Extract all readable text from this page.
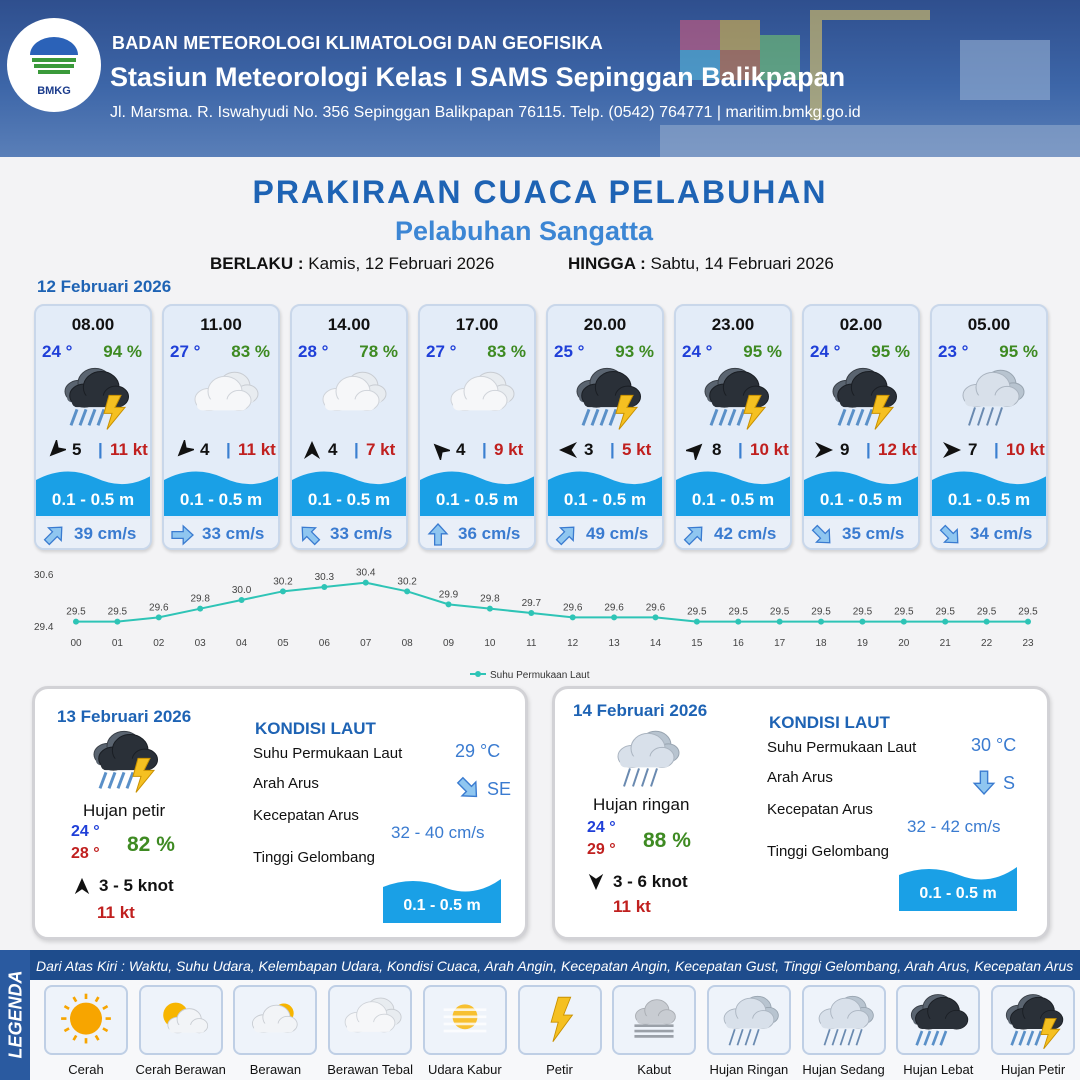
BMKG
BADAN METEOROLOGI KLIMATOLOGI DAN GEOFISIKA
Stasiun Meteorologi Kelas I SAMS Sepinggan Balikpapan
Jl. Marsma. R. Iswahyudi No. 356 Sepinggan Balikpapan 76115. Telp. (0542) 764771 | maritim.bmkg.go.id
PRAKIRAAN CUACA PELABUHAN
Pelabuhan Sangatta
BERLAKU : Kamis, 12 Februari 2026	HINGGA : Sabtu, 14 Februari 2026
12 Februari 2026
08.00
24 ° 94 %
5 | 11 kt
0.1 - 0.5 m
39 cm/s
11.00
27 ° 83 %
4 | 11 kt
0.1 - 0.5 m
33 cm/s
14.00
28 ° 78 %
4 | 7 kt
0.1 - 0.5 m
33 cm/s
17.00
27 ° 83 %
4 | 9 kt
0.1 - 0.5 m
36 cm/s
20.00
25 ° 93 %
3 | 5 kt
0.1 - 0.5 m
49 cm/s
23.00
24 ° 95 %
8 | 10 kt
0.1 - 0.5 m
42 cm/s
02.00
24 ° 95 %
9 | 12 kt
0.1 - 0.5 m
35 cm/s
05.00
23 ° 95 %
7 | 10 kt
0.1 - 0.5 m
34 cm/s
30.6
29.4
29.5
00
29.5
01
29.6
02
29.8
03
30.0
04
30.2
05
30.3
06
30.4
07
30.2
08
29.9
09
29.8
10
29.7
11
29.6
12
29.6
13
29.6
14
29.5
15
29.5
16
29.5
17
29.5
18
29.5
19
29.5
20
29.5
21
29.5
22
29.5
23
Suhu Permukaan Laut
13 Februari 2026
Hujan petir
24 °
28 ° 82 %
3 - 5 knot
11 kt
KONDISI LAUT
Suhu Permukaan Laut	29 °C
Arah Arus	SE
Kecepatan Arus
32 - 40 cm/s
Tinggi Gelombang
0.1 - 0.5 m
14 Februari 2026
Hujan ringan
24 °
29 ° 88 %
3 - 6 knot
11 kt
KONDISI LAUT
Suhu Permukaan Laut	30 °C
Arah Arus	S
Kecepatan Arus
32 - 42 cm/s
Tinggi Gelombang
0.1 - 0.5 m
LEGENDA
Dari Atas Kiri : Waktu, Suhu Udara, Kelembapan Udara, Kondisi Cuaca, Arah Angin, Kecepatan Angin, Kecepatan Gust, Tinggi Gelombang, Arah Arus, Kecepatan Arus
Cerah	Cerah Berawan	Berawan	Berawan Tebal	Udara Kabur	Petir	Kabut	Hujan Ringan	Hujan Sedang	Hujan Lebat	Hujan Petir
